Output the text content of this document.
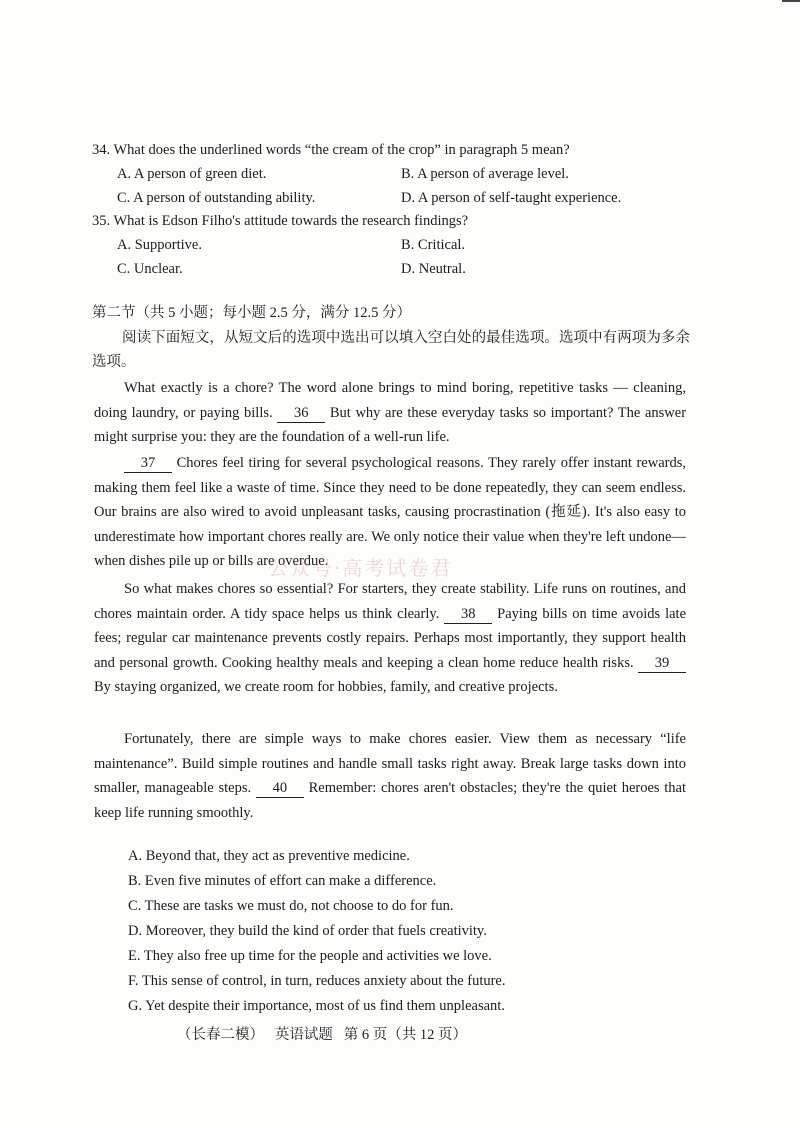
34. What does the underlined words “the cream of the crop” in paragraph 5 mean?
A. A person of green diet.	B. A person of average level.
C. A person of outstanding ability.	D. A person of self-taught experience.
35. What is Edson Filho's attitude towards the research findings?
A. Supportive.	B. Critical.
C. Unclear.	D. Neutral.
第二节（共 5 小题；每小题 2.5 分，满分 12.5 分）
阅读下面短文，从短文后的选项中选出可以填入空白处的最佳选项。选项中有两项为多余选项。
What exactly is a chore? The word alone brings to mind boring, repetitive tasks — cleaning, doing laundry, or paying bills. 36 But why are these everyday tasks so important? The answer might surprise you: they are the foundation of a well-run life.
37 Chores feel tiring for several psychological reasons. They rarely offer instant rewards, making them feel like a waste of time. Since they need to be done repeatedly, they can seem endless. Our brains are also wired to avoid unpleasant tasks, causing procrastination (拖延). It's also easy to underestimate how important chores really are. We only notice their value when they're left undone—when dishes pile up or bills are overdue.
So what makes chores so essential? For starters, they create stability. Life runs on routines, and chores maintain order. A tidy space helps us think clearly. 38 Paying bills on time avoids late fees; regular car maintenance prevents costly repairs. Perhaps most importantly, they support health and personal growth. Cooking healthy meals and keeping a clean home reduce health risks. 39 By staying organized, we create room for hobbies, family, and creative projects.
Fortunately, there are simple ways to make chores easier. View them as necessary “life maintenance”. Build simple routines and handle small tasks right away. Break large tasks down into smaller, manageable steps. 40 Remember: chores aren't obstacles; they're the quiet heroes that keep life running smoothly.
A. Beyond that, they act as preventive medicine.
B. Even five minutes of effort can make a difference.
C. These are tasks we must do, not choose to do for fun.
D. Moreover, they build the kind of order that fuels creativity.
E. They also free up time for the people and activities we love.
F. This sense of control, in turn, reduces anxiety about the future.
G. Yet despite their importance, most of us find them unpleasant.
（长春二模）   英语试题   第 6 页（共 12 页）
公众号·高考试卷君
